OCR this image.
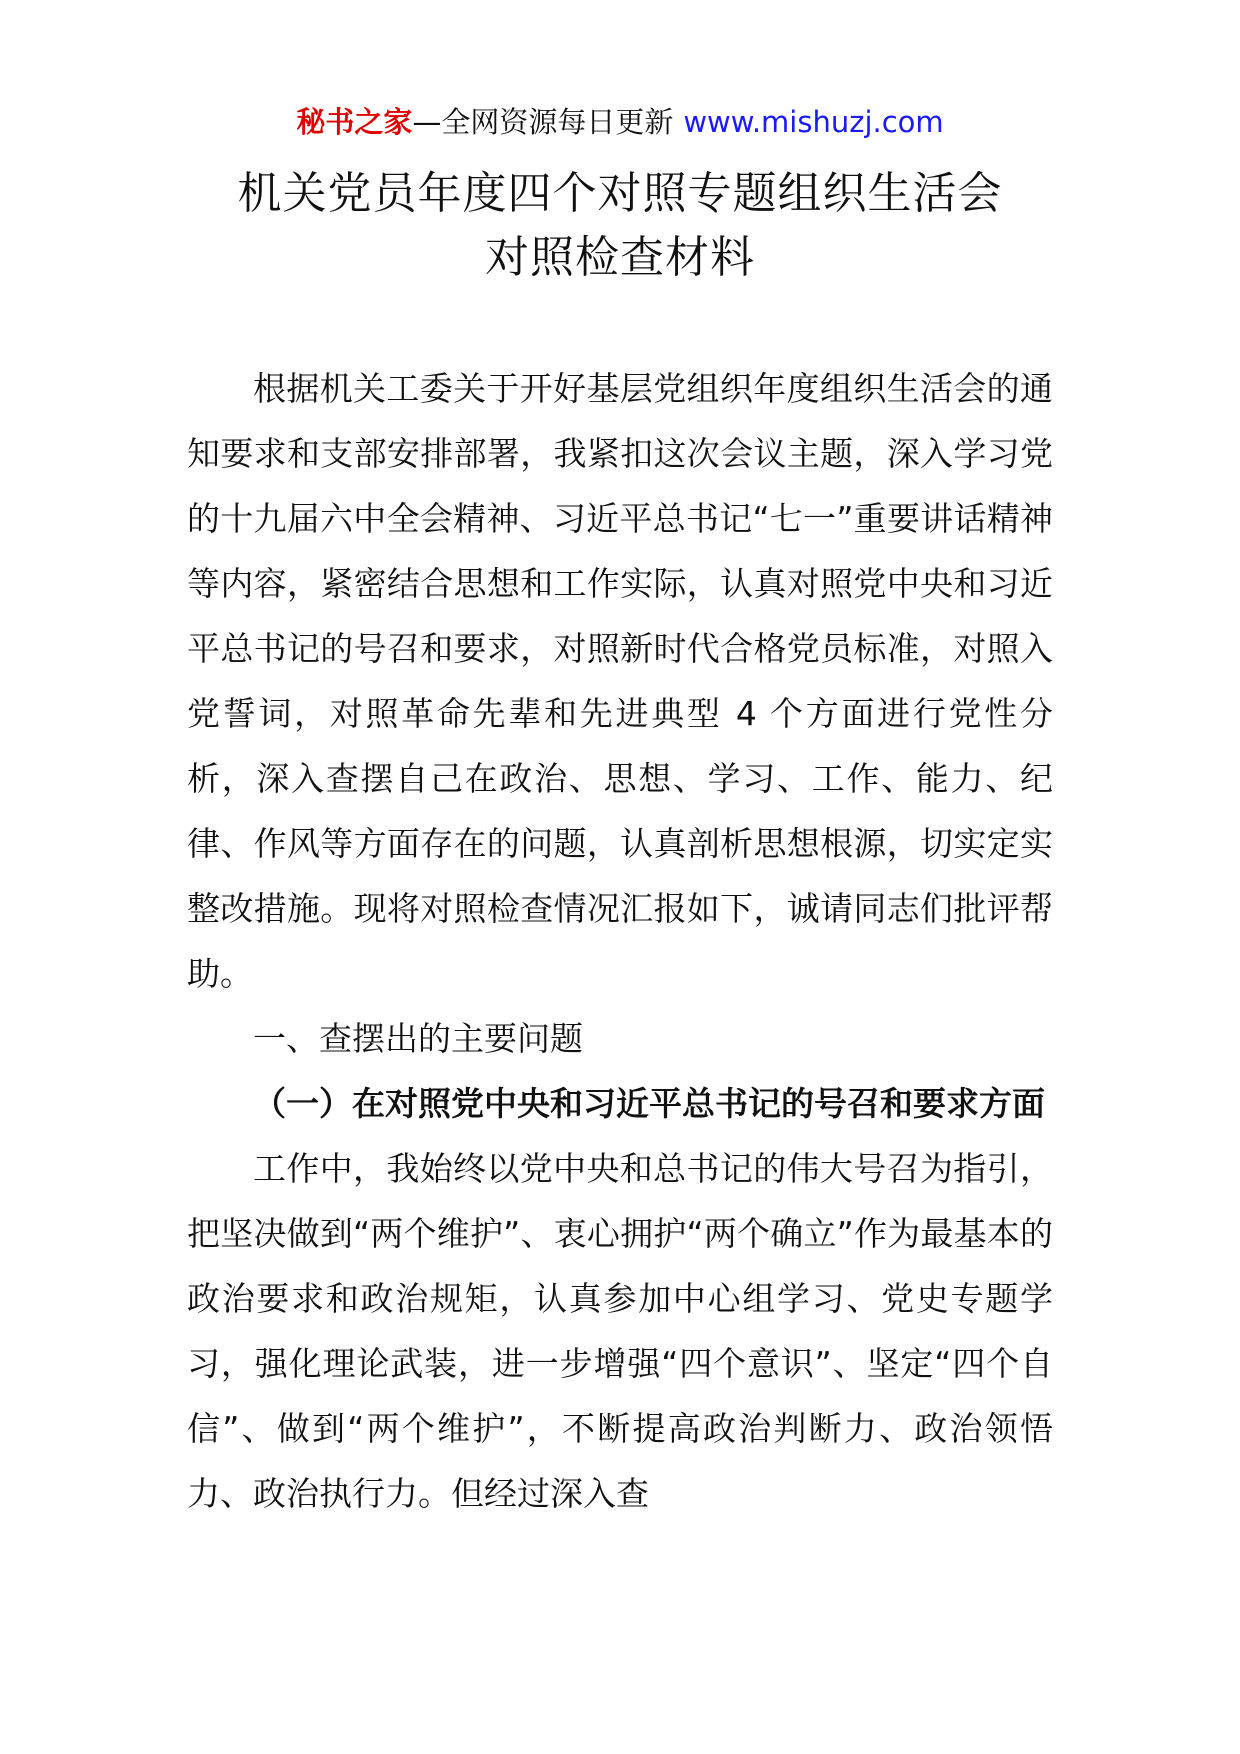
秘书之家—全网资源每日更新 www.mishuzj.com
机关党员年度四个对照专题组织生活会
对照检查材料

根据机关工委关于开好基层党组织年度组织生活会的通知要求和支部安排部署，我紧扣这次会议主题，深入学习党的十九届六中全会精神、习近平总书记“七一”重要讲话精神等内容，紧密结合思想和工作实际，认真对照党中央和习近平总书记的号召和要求，对照新时代合格党员标准，对照入党誓词，对照革命先辈和先进典型 4 个方面进行党性分析，深入查摆自己在政治、思想、学习、工作、能力、纪律、作风等方面存在的问题，认真剖析思想根源，切实定实整改措施。现将对照检查情况汇报如下，诚请同志们批评帮助。

一、查摆出的主要问题

（一）在对照党中央和习近平总书记的号召和要求方面

工作中，我始终以党中央和总书记的伟大号召为指引，把坚决做到“两个维护”、衷心拥护“两个确立”作为最基本的政治要求和政治规矩，认真参加中心组学习、党史专题学习，强化理论武装，进一步增强“四个意识”、坚定“四个自信”、做到“两个维护”，不断提高政治判断力、政治领悟力、政治执行力。但经过深入查
